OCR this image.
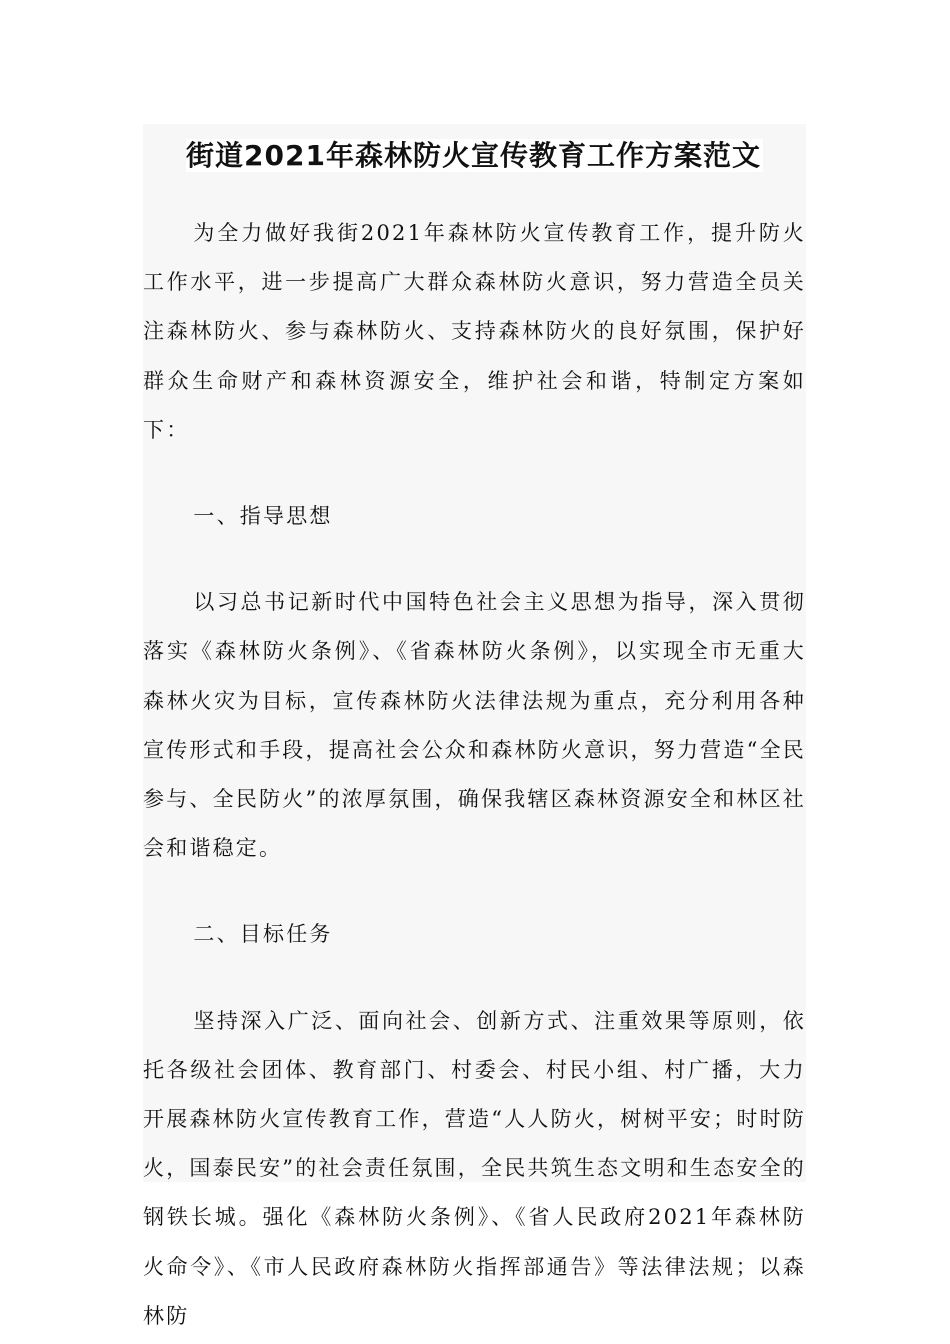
街道2021年森林防火宣传教育工作方案范文

为全力做好我街2021年森林防火宣传教育工作，提升防火工作水平，进一步提高广大群众森林防火意识，努力营造全员关注森林防火、参与森林防火、支持森林防火的良好氛围，保护好群众生命财产和森林资源安全，维护社会和谐，特制定方案如下：

一、指导思想

以习总书记新时代中国特色社会主义思想为指导，深入贯彻落实《森林防火条例》、《省森林防火条例》，以实现全市无重大森林火灾为目标，宣传森林防火法律法规为重点，充分利用各种宣传形式和手段，提高社会公众和森林防火意识，努力营造“全民参与、全民防火”的浓厚氛围，确保我辖区森林资源安全和林区社会和谐稳定。

二、目标任务

坚持深入广泛、面向社会、创新方式、注重效果等原则，依托各级社会团体、教育部门、村委会、村民小组、村广播，大力开展森林防火宣传教育工作，营造“人人防火，树树平安；时时防火，国泰民安”的社会责任氛围，全民共筑生态文明和生态安全的钢铁长城。强化《森林防火条例》、《省人民政府2021年森林防火命令》、《市人民政府森林防火指挥部通告》等法律法规；以森林防
